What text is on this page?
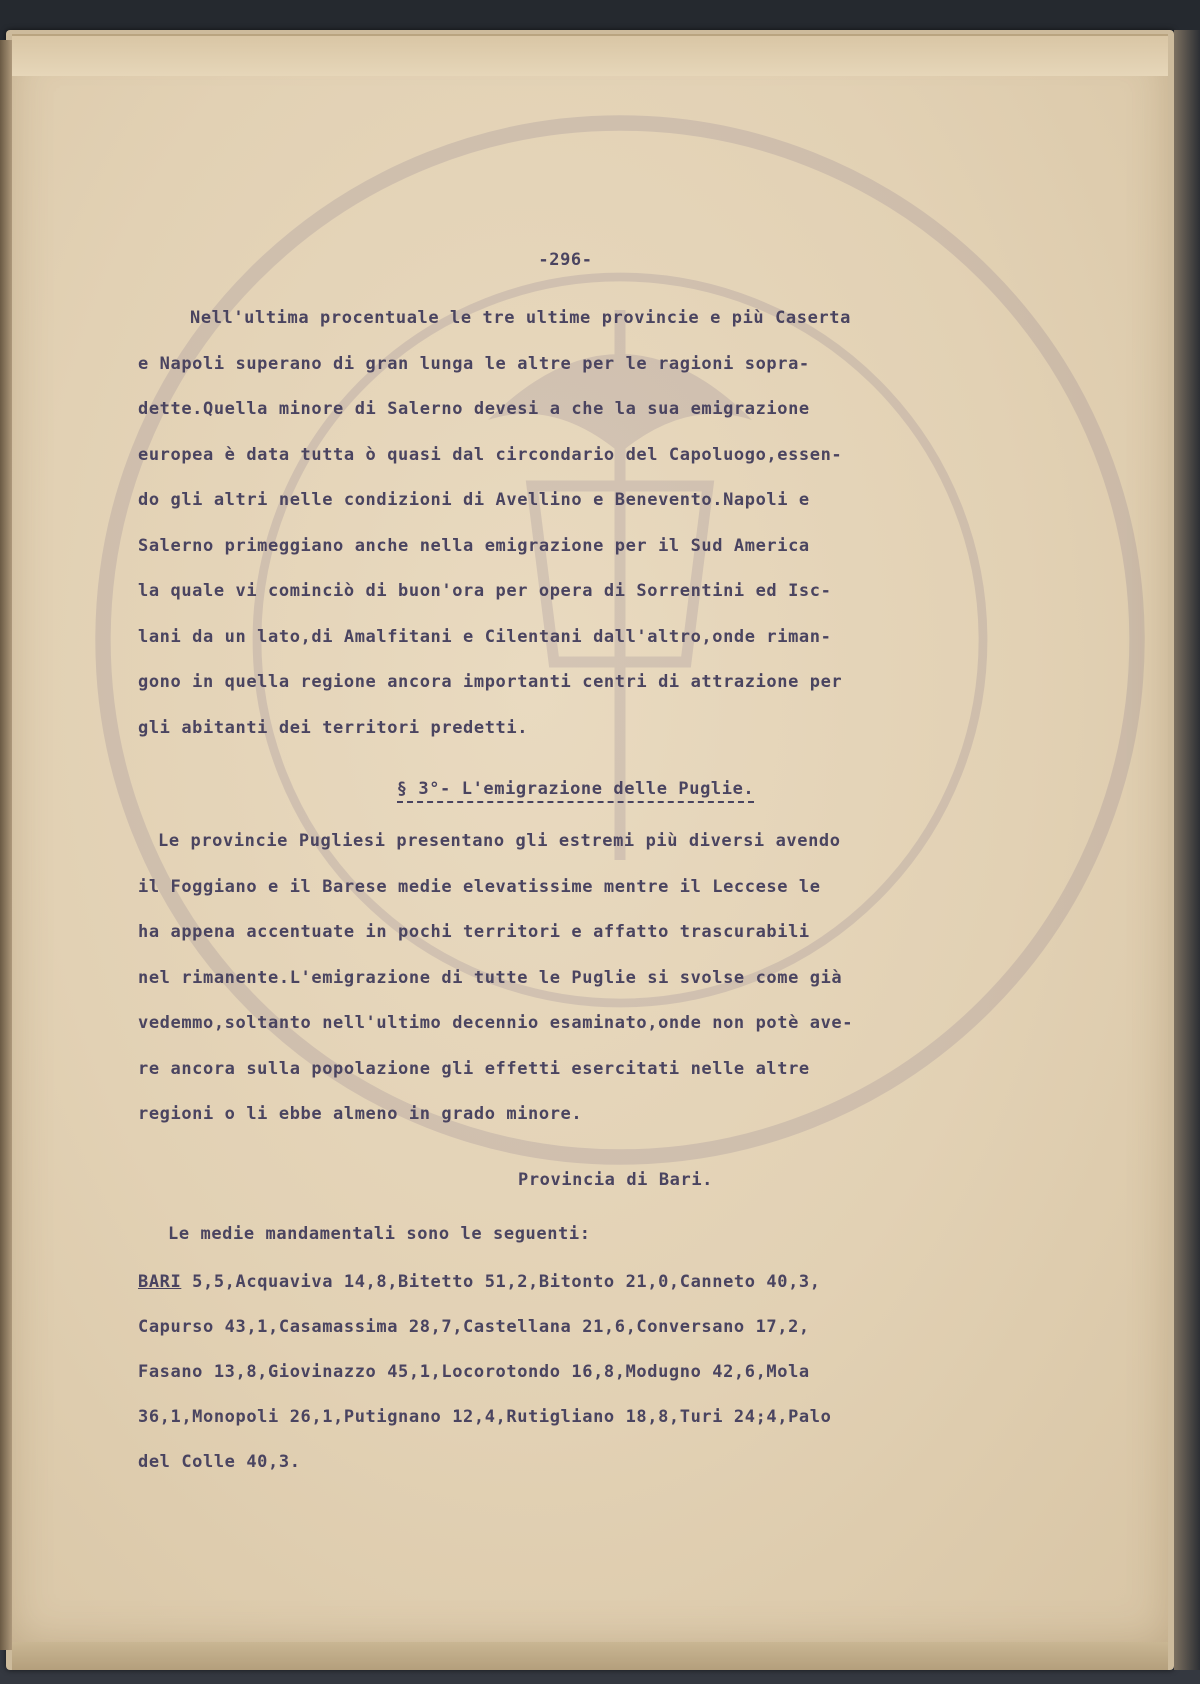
-296-
Nell'ultima procentuale le tre ultime provincie e più Caserta
e Napoli superano di gran lunga le altre per le ragioni sopra-
dette.Quella minore di Salerno devesi a che la sua emigrazione
europea è data tutta ò quasi dal circondario del Capoluogo,essen-
do gli altri nelle condizioni di Avellino e Benevento.Napoli e
Salerno primeggiano anche nella emigrazione per il Sud America
la quale vi cominciò di buon'ora per opera di Sorrentini ed Isc-
lani da un lato,di Amalfitani e Cilentani dall'altro,onde riman-
gono in quella regione ancora importanti centri di attrazione per
gli abitanti dei territori predetti.
§ 3°- L'emigrazione delle Puglie.
Le provincie Pugliesi presentano gli estremi più diversi avendo
il Foggiano e il Barese medie elevatissime mentre il Leccese le
ha appena accentuate in pochi territori e affatto trascurabili
nel rimanente.L'emigrazione di tutte le Puglie si svolse come già
vedemmo,soltanto nell'ultimo decennio esaminato,onde non potè ave-
re ancora sulla popolazione gli effetti esercitati nelle altre
regioni o li ebbe almeno in grado minore.
Provincia di Bari.
Le medie mandamentali sono le seguenti:
BARI 5,5,Acquaviva 14,8,Bitetto 51,2,Bitonto 21,0,Canneto 40,3,
Capurso 43,1,Casamassima 28,7,Castellana 21,6,Conversano 17,2,
Fasano 13,8,Giovinazzo 45,1,Locorotondo 16,8,Modugno 42,6,Mola
36,1,Monopoli 26,1,Putignano 12,4,Rutigliano 18,8,Turi 24;4,Palo
del Colle 40,3.
